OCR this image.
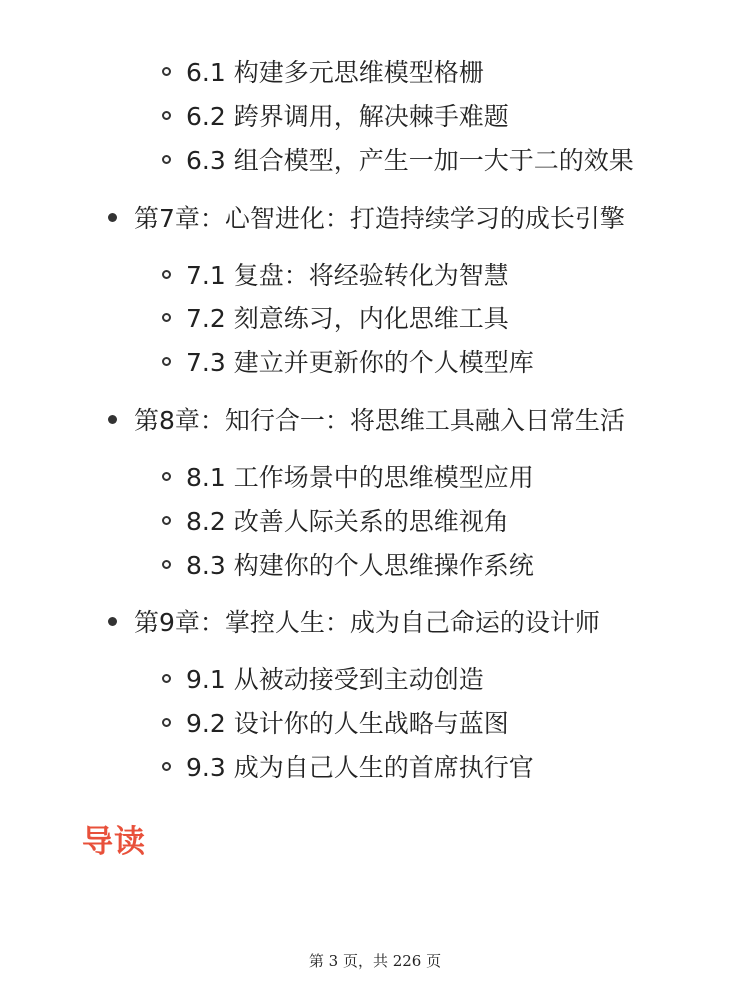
6.1 构建多元思维模型格栅
6.2 跨界调用，解决棘手难题
6.3 组合模型，产生一加一大于二的效果
第7章：心智进化：打造持续学习的成长引擎
7.1 复盘：将经验转化为智慧
7.2 刻意练习，内化思维工具
7.3 建立并更新你的个人模型库
第8章：知行合一：将思维工具融入日常生活
8.1 工作场景中的思维模型应用
8.2 改善人际关系的思维视角
8.3 构建你的个人思维操作系统
第9章：掌控人生：成为自己命运的设计师
9.1 从被动接受到主动创造
9.2 设计你的人生战略与蓝图
9.3 成为自己人生的首席执行官
导读
第 3 页，共 226 页
